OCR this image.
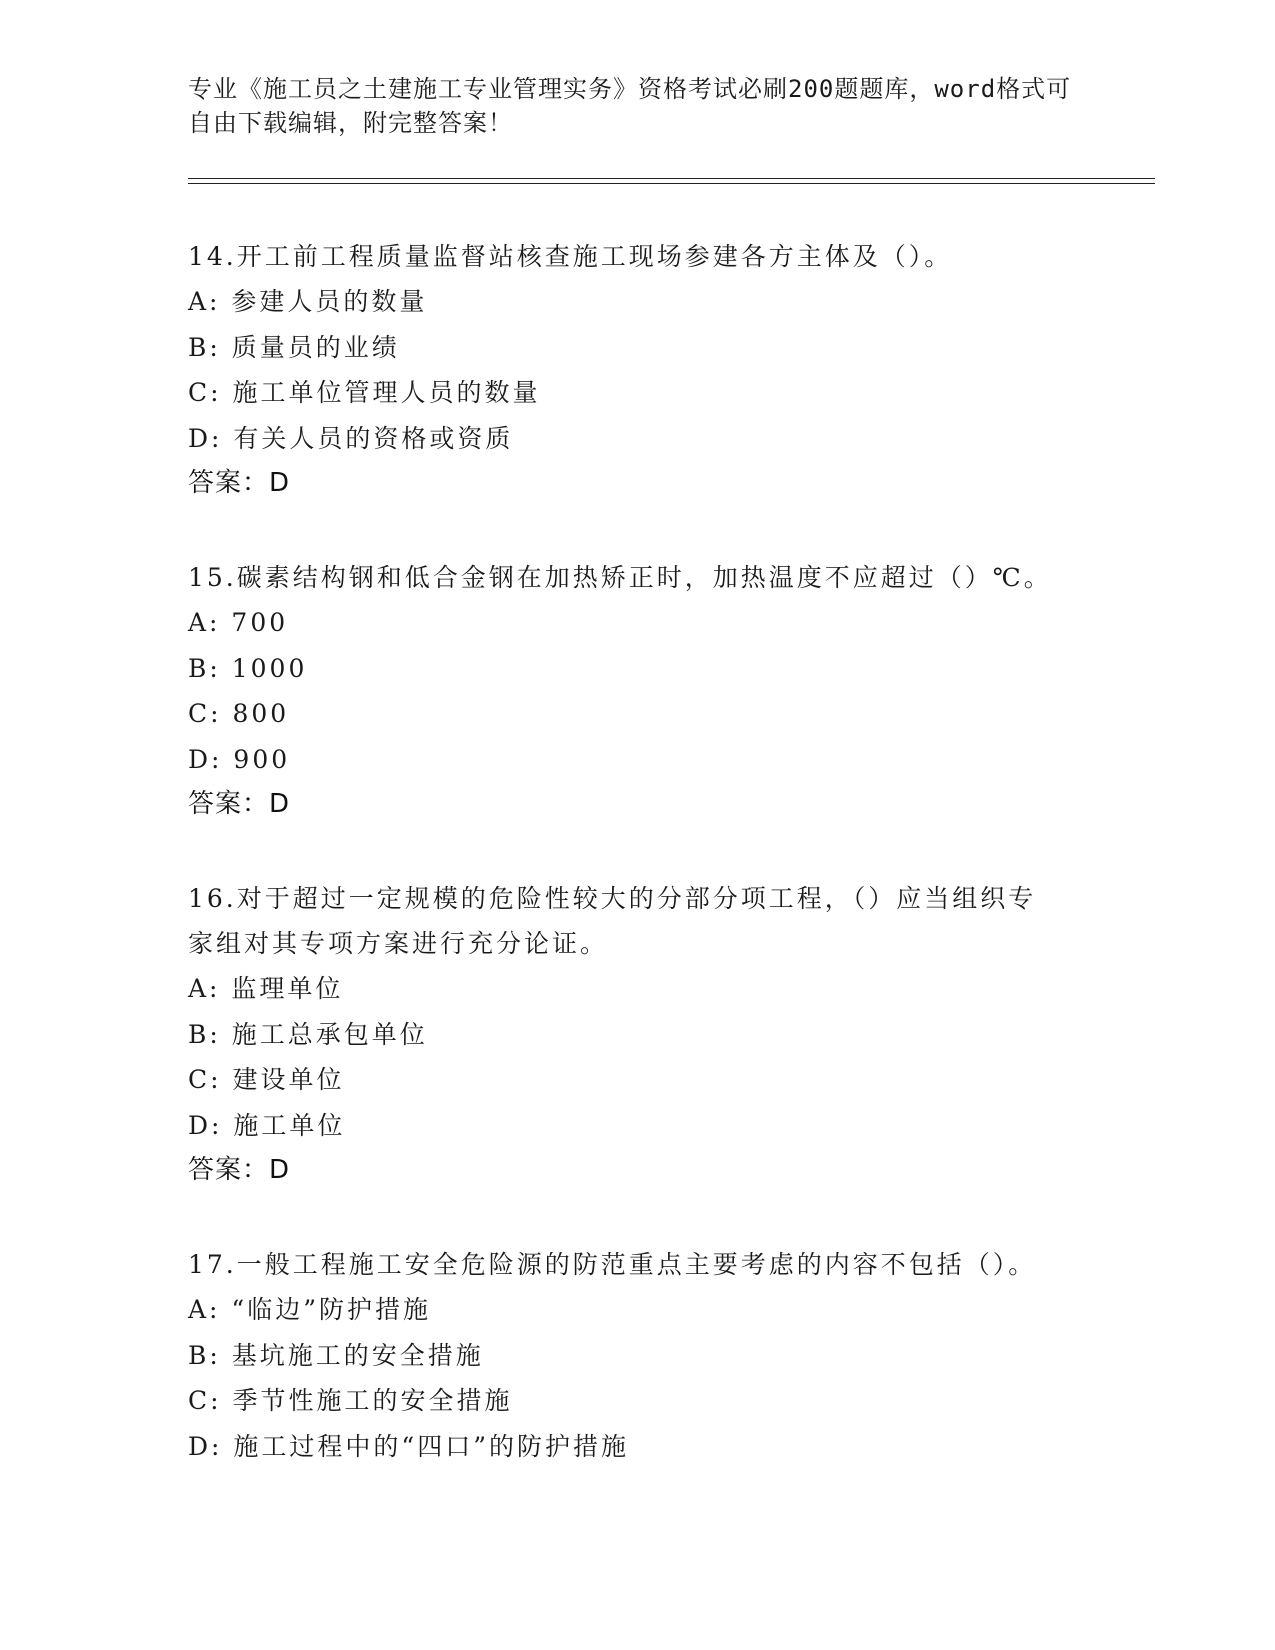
专业《施工员之土建施工专业管理实务》资格考试必刷200题题库，word格式可
自由下载编辑，附完整答案！
14.开工前工程质量监督站核查施工现场参建各方主体及（）。
A: 参建人员的数量
B: 质量员的业绩
C: 施工单位管理人员的数量
D: 有关人员的资格或资质
答案：D
15.碳素结构钢和低合金钢在加热矫正时，加热温度不应超过（）℃。
A: 700
B: 1000
C: 800
D: 900
答案：D
16.对于超过一定规模的危险性较大的分部分项工程，（）应当组织专
家组对其专项方案进行充分论证。
A: 监理单位
B: 施工总承包单位
C: 建设单位
D: 施工单位
答案：D
17.一般工程施工安全危险源的防范重点主要考虑的内容不包括（）。
A: “临边”防护措施
B: 基坑施工的安全措施
C: 季节性施工的安全措施
D: 施工过程中的“四口”的防护措施
